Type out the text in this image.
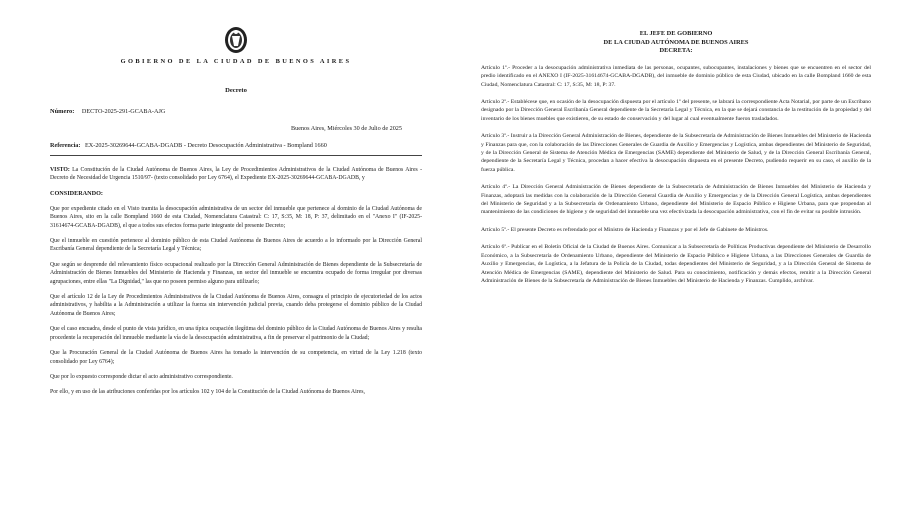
GOBIERNO DE LA CIUDAD DE BUENOS AIRES
Decreto
Número: DECTO-2025-291-GCABA-AJG
Buenos Aires, Miércoles 30 de Julio de 2025
Referencia: EX-2025-30269644-GCABA-DGADB - Decreto Desocupación Administrativa - Bompland 1660

VISTO: La Constitución de la Ciudad Autónoma de Buenos Aires, la Ley de Procedimientos Administrativos de la Ciudad Autónoma de Buenos Aires -Decreto de Necesidad de Urgencia 1510/97- (texto consolidado por Ley 6764), el Expediente EX-2025-30269644-GCABA-DGADB, y

CONSIDERANDO:

Que por expediente citado en el Visto tramita la desocupación administrativa de un sector del inmueble que pertenece al dominio de la Ciudad Autónoma de Buenos Aires, sito en la calle Bompland 1660 de esta Ciudad, Nomenclatura Catastral: C: 17, S:35, M: 18, P: 37, delimitado en el "Anexo I" (IF-2025-31614674-GCABA-DGADB), el que a todos sus efectos forma parte integrante del presente Decreto;

Que el inmueble en cuestión pertenece al dominio público de esta Ciudad Autónoma de Buenos Aires de acuerdo a lo informado por la Dirección General Escribanía General dependiente de la Secretaría Legal y Técnica;

Que según se desprende del relevamiento físico ocupacional realizado por la Dirección General Administración de Bienes dependiente de la Subsecretaría de Administración de Bienes Inmuebles del Ministerio de Hacienda y Finanzas, un sector del inmueble se encuentra ocupado de forma irregular por diversas agrupaciones, entre ellas "La Dignidad," las que no poseen permiso alguno para utilizarlo;

Que el artículo 12 de la Ley de Procedimientos Administrativos de la Ciudad Autónoma de Buenos Aires, consagra el principio de ejecutoriedad de los actos administrativos, y habilita a la Administración a utilizar la fuerza sin intervención judicial previa, cuando deba protegerse el dominio público de la Ciudad Autónoma de Buenos Aires;

Que el caso encuadra, desde el punto de vista jurídico, en una típica ocupación ilegítima del dominio público de la Ciudad Autónoma de Buenos Aires y resulta procedente la recuperación del inmueble mediante la vía de la desocupación administrativa, a fin de preservar el patrimonio de la Ciudad;

Que la Procuración General de la Ciudad Autónoma de Buenos Aires ha tomado la intervención de su competencia, en virtud de la Ley 1.218 (texto consolidado por Ley 6764);

Que por lo expuesto corresponde dictar el acto administrativo correspondiente.

Por ello, y en uso de las atribuciones conferidas por los artículos 102 y 104 de la Constitución de la Ciudad Autónoma de Buenos Aires,

EL JEFE DE GOBIERNO
DE LA CIUDAD AUTÓNOMA DE BUENOS AIRES
DECRETA:

Artículo 1º.- Proceder a la desocupación administrativa inmediata de las personas, ocupantes, subocupantes, instalaciones y bienes que se encuentren en el sector del predio identificado en el ANEXO I (IF-2025-31614674-GCABA-DGADB), del inmueble de dominio público de esta Ciudad, ubicado en la calle Bompland 1660 de esta Ciudad, Nomenclatura Catastral: C: 17, S:35, M: 18, P: 37.

Artículo 2º.- Establécese que, en ocasión de la desocupación dispuesta por el artículo 1º del presente, se labrará la correspondiente Acta Notarial, por parte de un Escribano designado por la Dirección General Escribanía General dependiente de la Secretaría Legal y Técnica, en la que se dejará constancia de la restitución de la propiedad y del inventario de los bienes muebles que existieren, de su estado de conservación y del lugar al cual eventualmente fueron trasladados.

Artículo 3º.- Instruir a la Dirección General Administración de Bienes, dependiente de la Subsecretaría de Administración de Bienes Inmuebles del Ministerio de Hacienda y Finanzas para que, con la colaboración de las Direcciones Generales de Guardia de Auxilio y Emergencias y Logística, ambas dependientes del Ministerio de Seguridad, y de la Dirección General de Sistema de Atención Médica de Emergencias (SAME) dependiente del Ministerio de Salud, y de la Dirección General Escribanía General, dependiente de la Secretaría Legal y Técnica, procedan a hacer efectiva la desocupación dispuesta en el presente Decreto, pudiendo requerir en su caso, el auxilio de la fuerza pública.

Artículo 4º.- La Dirección General Administración de Bienes dependiente de la Subsecretaría de Administración de Bienes Inmuebles del Ministerio de Hacienda y Finanzas, adoptará las medidas con la colaboración de la Dirección General Guardia de Auxilio y Emergencias y de la Dirección General Logística, ambas dependientes del Ministerio de Seguridad y a la Subsecretaría de Ordenamiento Urbano, dependiente del Ministerio de Espacio Público e Higiene Urbana, para que propendan al mantenimiento de las condiciones de higiene y de seguridad del inmueble una vez efectivizada la desocupación administrativa, con el fin de evitar su posible intrusión.

Artículo 5º.- El presente Decreto es refrendado por el Ministro de Hacienda y Finanzas y por el Jefe de Gabinete de Ministros.

Artículo 6º.- Publícar en el Boletín Oficial de la Ciudad de Buenos Aires. Comunicar a la Subsecretaría de Políticas Productivas dependiente del Ministerio de Desarrollo Económico, a la Subsecretaría de Ordenamiento Urbano, dependiente del Ministerio de Espacio Público e Higiene Urbana, a las Direcciones Generales de Guardia de Auxilio y Emergencias, de Logística, a la Jefatura de la Policía de la Ciudad, todas dependientes del Ministerio de Seguridad, y a la Dirección General de Sistema de Atención Médica de Emergencias (SAME), dependiente del Ministerio de Salud. Para su conocimiento, notificación y demás efectos, remitir a la Dirección General Administración de Bienes de la Subsecretaría de Administración de Bienes Inmuebles del Ministerio de Hacienda y Finanzas. Cumplido, archívar.
